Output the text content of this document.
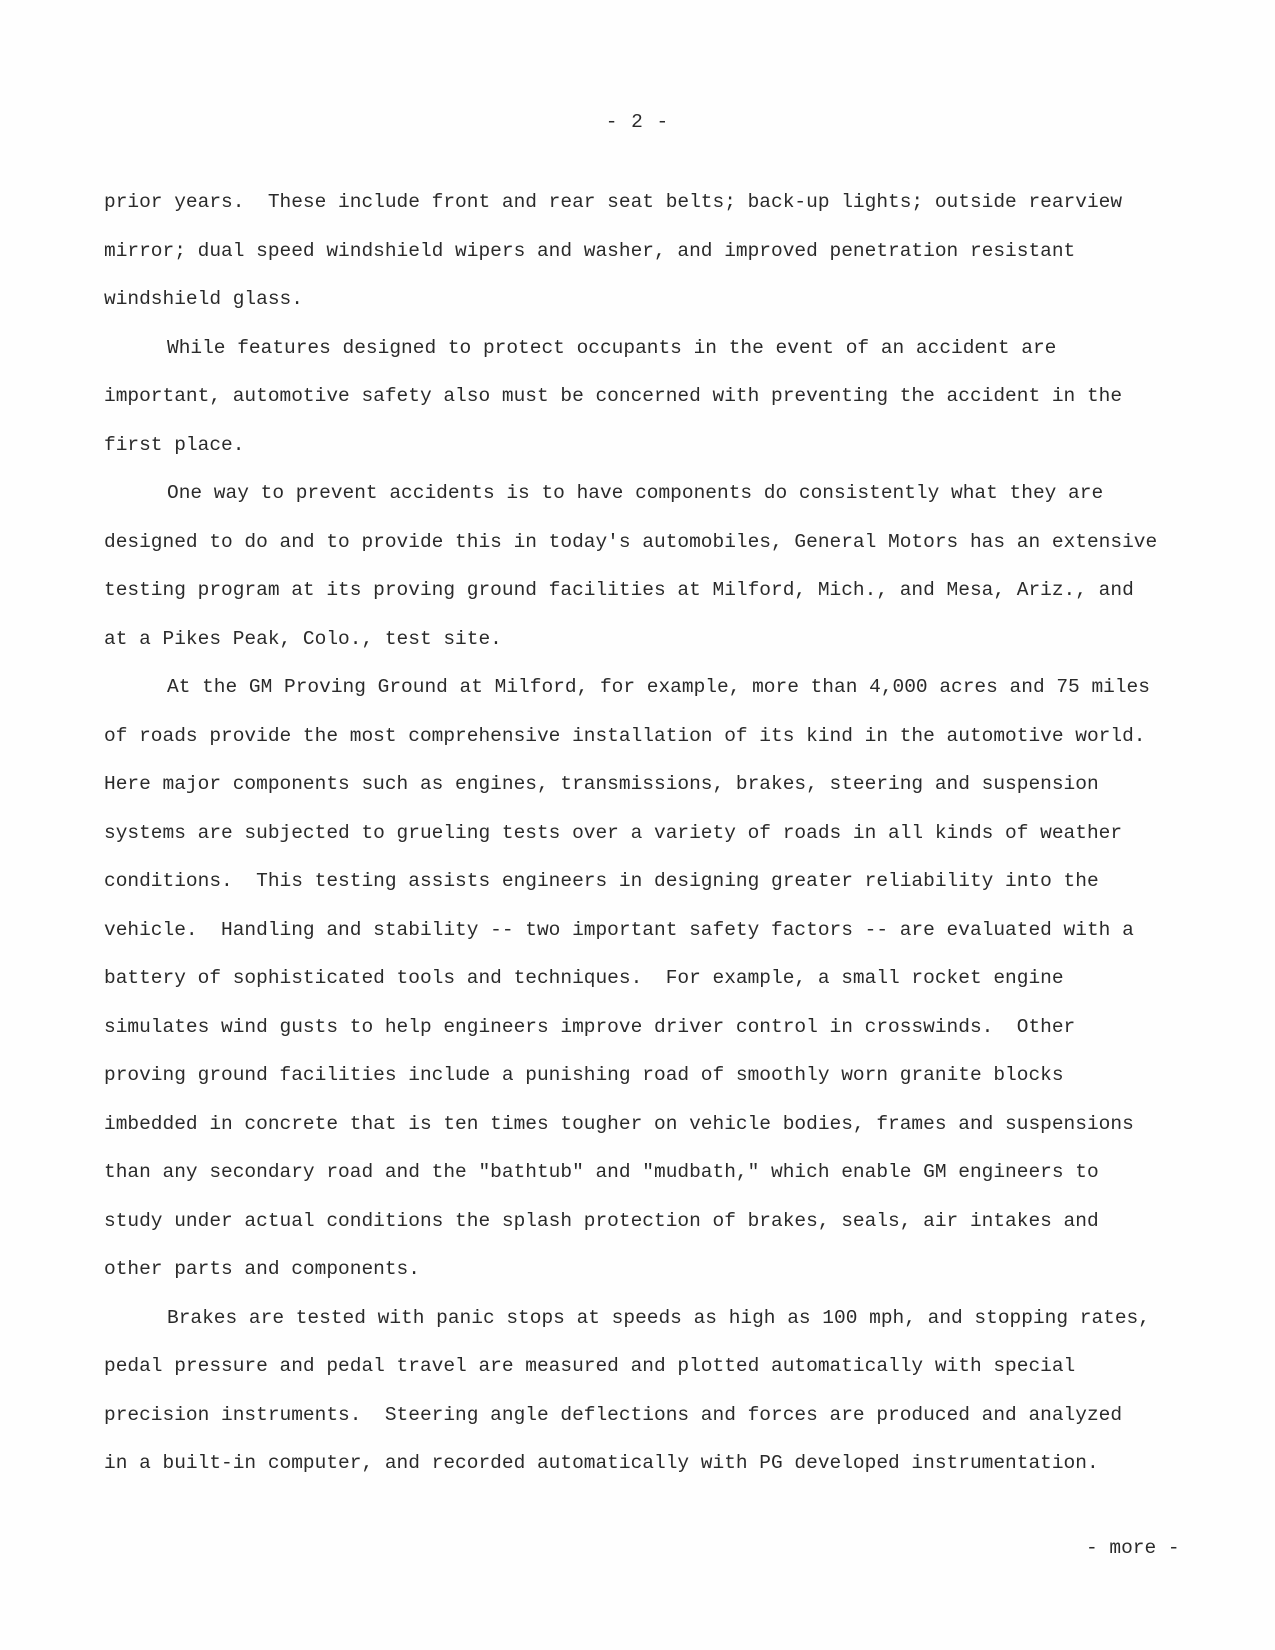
- 2 -
prior years.  These include front and rear seat belts; back-up lights; outside rearview
mirror; dual speed windshield wipers and washer, and improved penetration resistant
windshield glass.
While features designed to protect occupants in the event of an accident are
important, automotive safety also must be concerned with preventing the accident in the
first place.
One way to prevent accidents is to have components do consistently what they are
designed to do and to provide this in today's automobiles, General Motors has an extensive
testing program at its proving ground facilities at Milford, Mich., and Mesa, Ariz., and
at a Pikes Peak, Colo., test site.
At the GM Proving Ground at Milford, for example, more than 4,000 acres and 75 miles
of roads provide the most comprehensive installation of its kind in the automotive world.
Here major components such as engines, transmissions, brakes, steering and suspension
systems are subjected to grueling tests over a variety of roads in all kinds of weather
conditions.  This testing assists engineers in designing greater reliability into the
vehicle.  Handling and stability -- two important safety factors -- are evaluated with a
battery of sophisticated tools and techniques.  For example, a small rocket engine
simulates wind gusts to help engineers improve driver control in crosswinds.  Other
proving ground facilities include a punishing road of smoothly worn granite blocks
imbedded in concrete that is ten times tougher on vehicle bodies, frames and suspensions
than any secondary road and the "bathtub" and "mudbath," which enable GM engineers to
study under actual conditions the splash protection of brakes, seals, air intakes and
other parts and components.
Brakes are tested with panic stops at speeds as high as 100 mph, and stopping rates,
pedal pressure and pedal travel are measured and plotted automatically with special
precision instruments.  Steering angle deflections and forces are produced and analyzed
in a built-in computer, and recorded automatically with PG developed instrumentation.
- more -
